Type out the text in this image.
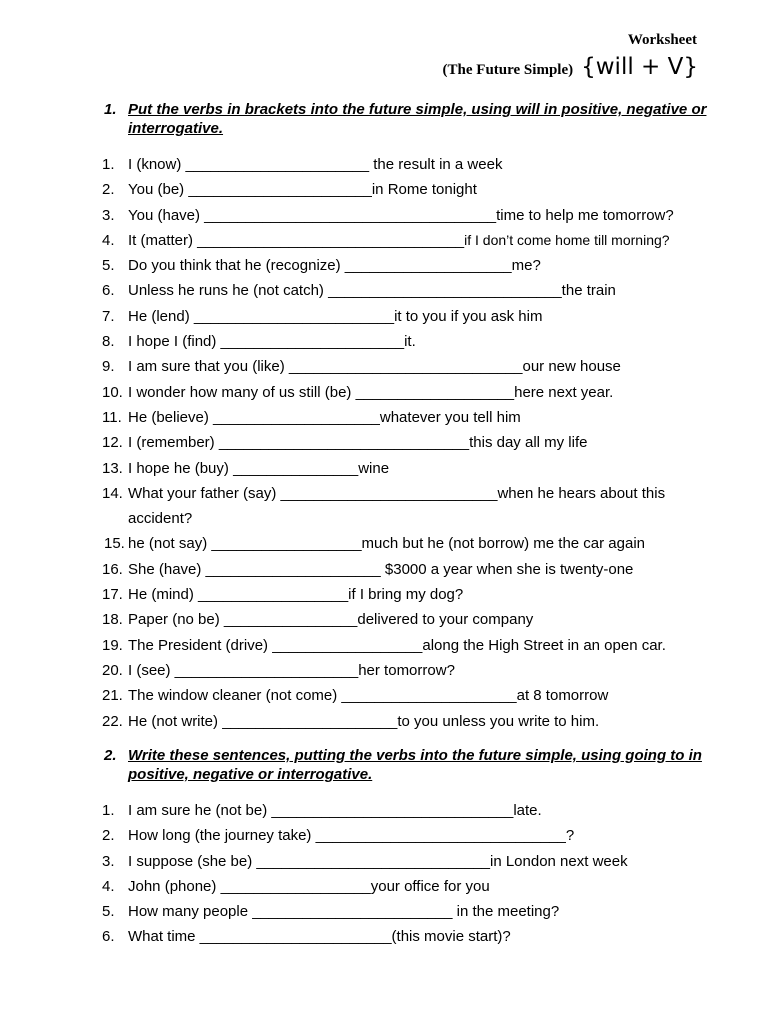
Worksheet
(The Future Simple) {will + V}
1. Put the verbs in brackets into the future simple, using will in positive, negative or interrogative.
1. I (know) ______________________ the result in a week
2. You (be) ______________________in Rome tonight
3. You (have) ___________________________________time to help me tomorrow?
4. It (matter) ________________________________if I don’t come home till morning?
5. Do you think that he (recognize) ____________________me?
6. Unless he runs he (not catch) ____________________________the train
7. He (lend) ________________________it to you if you ask him
8. I hope I (find) ______________________it.
9. I am sure that you (like) ____________________________our new house
10. I wonder how many of us still (be) ___________________here next year.
11. He (believe) ____________________whatever you tell him
12. I (remember) ______________________________this day all my life
13. I hope he (buy) _______________wine
14. What your father (say) __________________________when he hears about this accident?
15. he (not say) __________________much but he (not borrow) me the car again
16. She (have) _____________________ $3000 a year when she is twenty-one
17. He (mind) __________________if I bring my dog?
18. Paper (no be) ________________delivered to your company
19. The President (drive) __________________along the High Street in an open car.
20. I (see) ______________________her tomorrow?
21. The window cleaner (not come) _____________________at 8 tomorrow
22. He (not write) _____________________to you unless you write to him.
2. Write these sentences, putting the verbs into the future simple, using going to in positive, negative or interrogative.
1. I am sure he (not be) _____________________________late.
2. How long (the journey take) ______________________________?
3. I suppose (she be) ____________________________in London next week
4. John (phone) __________________your office for you
5. How many people ________________________ in the meeting?
6. What time _______________________(this movie start)?
